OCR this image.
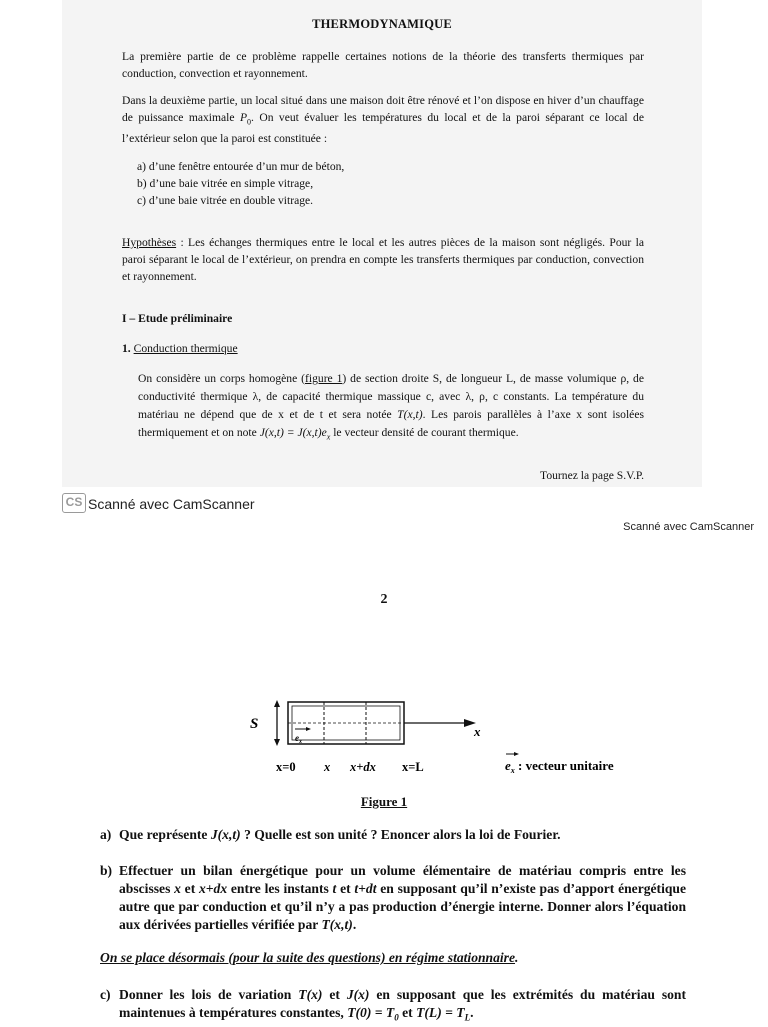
THERMODYNAMIQUE
La première partie de ce problème rappelle certaines notions de la théorie des transferts thermiques par conduction, convection et rayonnement.
Dans la deuxième partie, un local situé dans une maison doit être rénové et l’on dispose en hiver d’un chauffage de puissance maximale $P_0$. On veut évaluer les températures du local et de la paroi séparant ce local de l’extérieur selon que la paroi est constituée :
a) d’une fenêtre entourée d’un mur de béton,
b) d’une baie vitrée en simple vitrage,
c) d’une baie vitrée en double vitrage.
Hypothèses : Les échanges thermiques entre le local et les autres pièces de la maison sont négligés. Pour la paroi séparant le local de l’extérieur, on prendra en compte les transferts thermiques par conduction, convection et rayonnement.
I – Etude préliminaire
1. Conduction thermique
On considère un corps homogène (figure 1) de section droite S, de longueur L, de masse volumique ρ, de conductivité thermique λ, de capacité thermique massique c, avec λ, ρ, c constants. La température du matériau ne dépend que de x et de t et sera notée T(x,t). Les parois parallèles à l’axe x sont isolées thermiquement et on note $J(x,t) = J(x,t)e_x$ le vecteur densité de courant thermique.
Tournez la page S.V.P.
CS Scanné avec CamScanner
Scanné avec CamScanner
2
S	x
$e_x$
x=0 x x+dx x=L	$e_x$ : vecteur unitaire
Figure 1
a) Que représente J(x,t) ? Quelle est son unité ? Enoncer alors la loi de Fourier.
b) Effectuer un bilan énergétique pour un volume élémentaire de matériau compris entre les abscisses x et x+dx entre les instants t et t+dt en supposant qu’il n’existe pas d’apport énergétique autre que par conduction et qu’il n’y a pas production d’énergie interne. Donner alors l’équation aux dérivées partielles vérifiée par T(x,t).
On se place désormais (pour la suite des questions) en régime stationnaire.
c) Donner les lois de variation T(x) et J(x) en supposant que les extrémités du matériau sont maintenues à températures constantes, $T(0) = T_0$ et $T(L) = T_L$.
